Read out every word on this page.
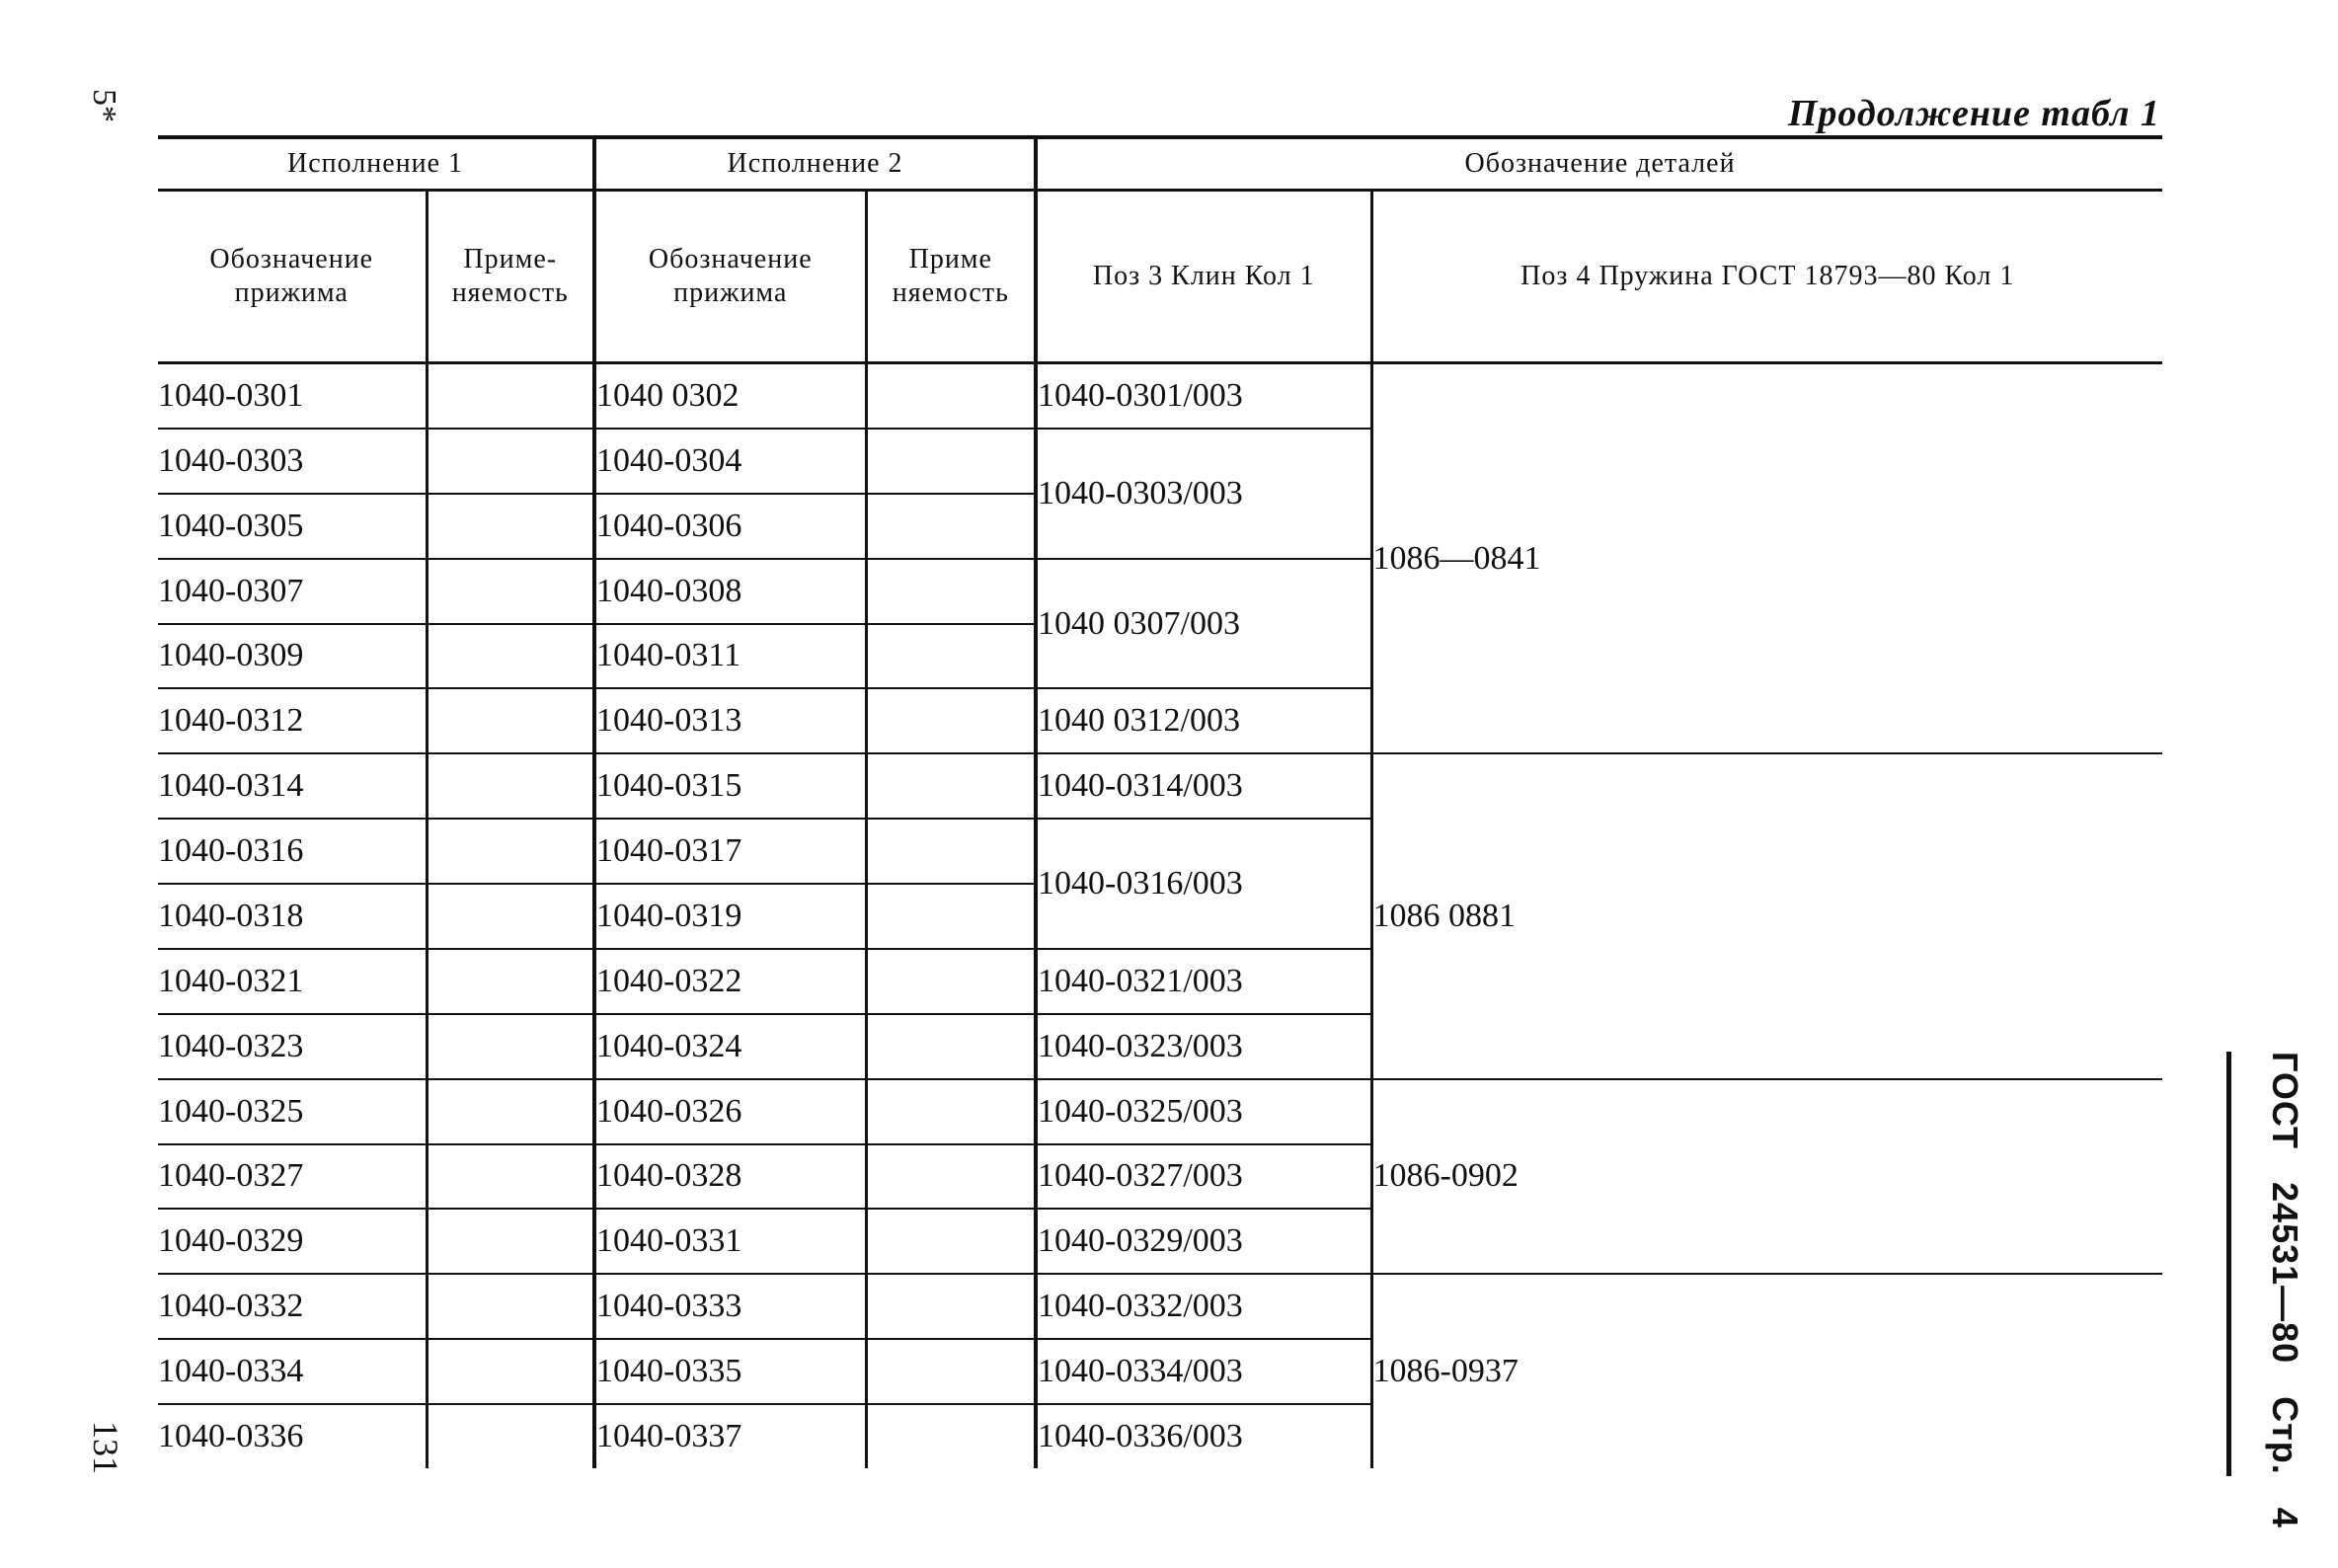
5*	Продолжение табл 1
ГОСТ 24531—80 Стр. 4
131
Исполнение 1		Исполнение 2		Обозначение деталей	
Обозначение прижима	Приме-няемость	Обозначение прижима	Приме няемость	Поз 3 Клин Кол 1	Поз 4 Пружина ГОСТ 18793—80 Кол 1
1040-0301		1040 0302		1040-0301/003	1086—0841
1040-0303		1040-0304		1040-0303/003	
1040-0305		1040-0306			
1040-0307		1040-0308		1040 0307/003	
1040-0309		1040-0311			
1040-0312		1040-0313		1040 0312/003	
1040-0314		1040-0315		1040-0314/003	1086 0881
1040-0316		1040-0317		1040-0316/003	
1040-0318		1040-0319			
1040-0321		1040-0322		1040-0321/003	
1040-0323		1040-0324		1040-0323/003	
1040-0325		1040-0326		1040-0325/003	1086-0902
1040-0327		1040-0328		1040-0327/003	
1040-0329		1040-0331		1040-0329/003	
1040-0332		1040-0333		1040-0332/003	1086-0937
1040-0334		1040-0335		1040-0334/003	
1040-0336		1040-0337		1040-0336/003	
